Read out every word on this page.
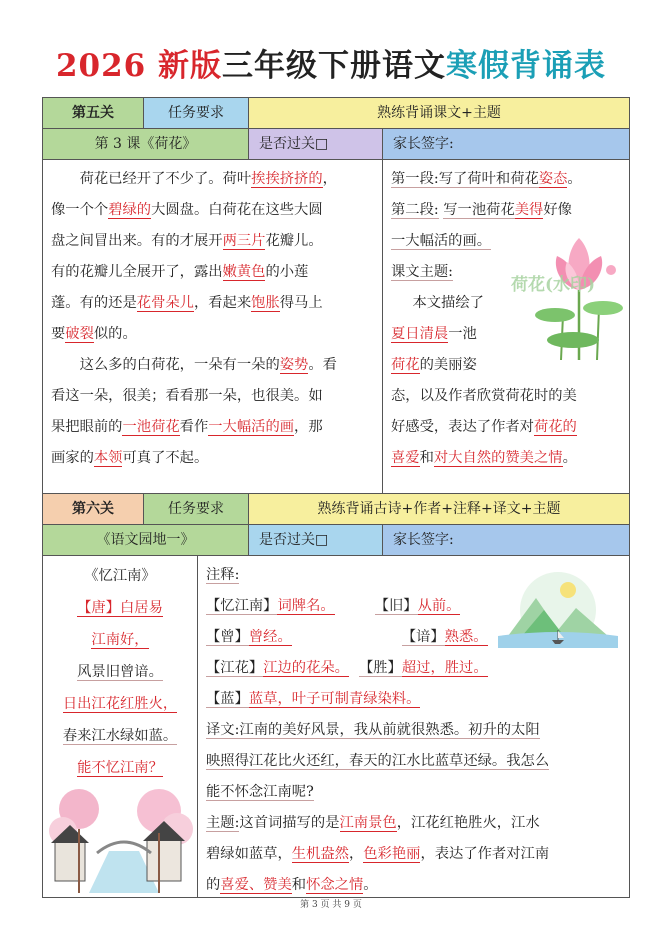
2026 新版三年级下册语文寒假背诵表
第五关	任务要求	熟练背诵课文+主题
第 3 课《荷花》	是否过关□	家长签字:

荷花已经开了不少了。荷叶挨挨挤挤的，

像一个个碧绿的大圆盘。白荷花在这些大圆

盘之间冒出来。有的才展开两三片花瓣儿。

有的花瓣儿全展开了，露出嫩黄色的小莲

蓬。有的还是花骨朵儿，看起来饱胀得马上

要破裂似的。

这么多的白荷花，一朵有一朵的姿势。看

看这一朵，很美；看看那一朵，也很美。如

果把眼前的一池荷花看作一大幅活的画，那

画家的本领可真了不起。

荷花(水印)
第一段:写了荷叶和荷花姿态。
第二段: 写一池荷花美得好像
一大幅活的画。
课文主题:
本文描绘了
夏日清晨一池
荷花的美丽姿
态，以及作者欣赏荷花时的美
好感受，表达了作者对荷花的
喜爱和对大自然的赞美之情。
第六关	任务要求	熟练背诵古诗+作者+注释+译文+主题
《语文园地一》	是否过关□	家长签字:
《忆江南》
【唐】白居易
江南好，
风景旧曾谙。
日出江花红胜火，
春来江水绿如蓝。
能不忆江南？
注释:
【忆江南】词牌名。	【旧】从前。
【曾】曾经。	【谙】熟悉。
【江花】江边的花朵。 【胜】超过，胜过。
【蓝】蓝草，叶子可制青绿染料。
译文:江南的美好风景，我从前就很熟悉。初升的太阳
映照得江花比火还红，春天的江水比蓝草还绿。我怎么
能不怀念江南呢?
主题:这首词描写的是江南景色，江花红艳胜火，江水
碧绿如蓝草，生机盎然，色彩艳丽，表达了作者对江南
的喜爱、赞美和怀念之情。
第 3 页 共 9 页
